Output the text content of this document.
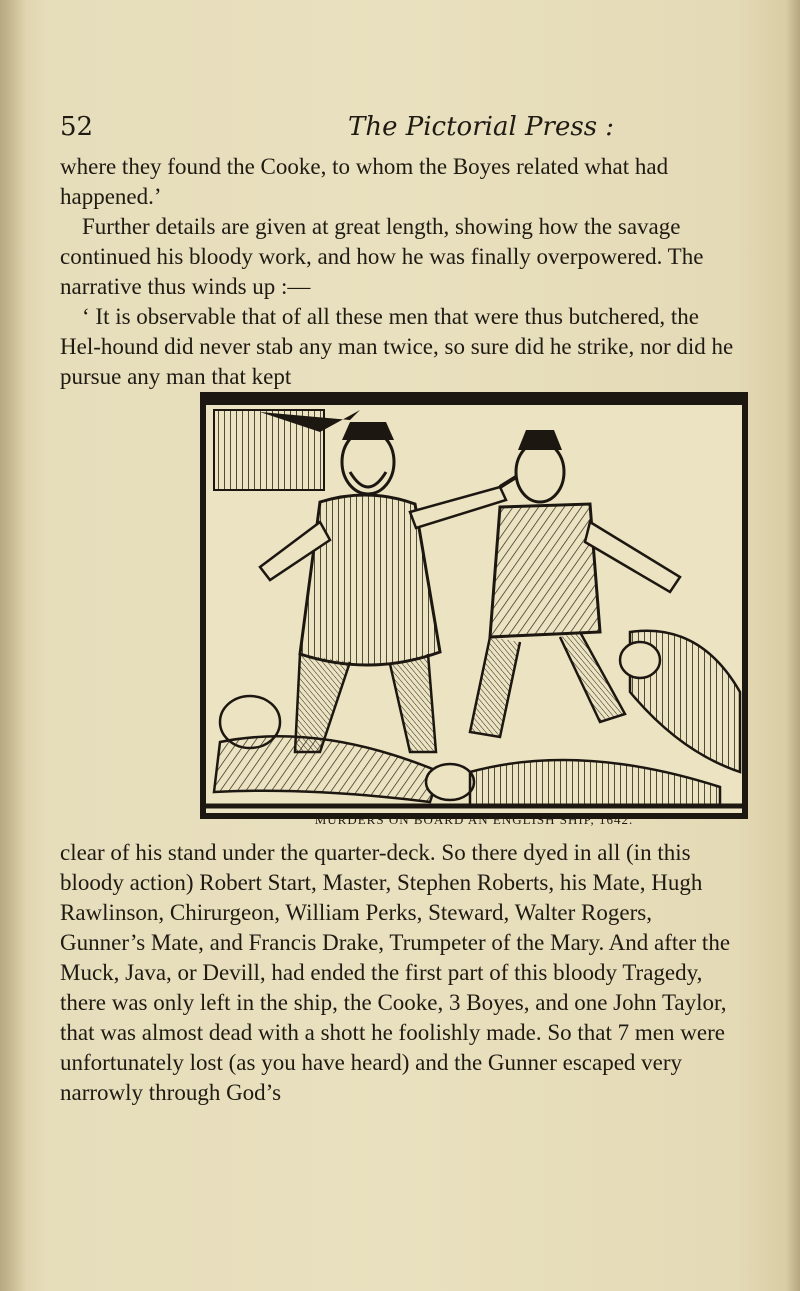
52	The Pictorial Press :

where they found the Cooke, to whom the Boyes related what had happened.’

Further details are given at great length, showing how the savage continued his bloody work, and how he was finally overpowered. The narrative thus winds up :—

‘ It is observable that of all these men that were thus butchered, the Hel-hound did never stab any man twice, so sure did he strike, nor did he pursue any man that kept

MURDERS ON BOARD AN ENGLISH SHIP, 1642.

clear of his stand under the quarter-deck. So there dyed in all (in this bloody action) Robert Start, Master, Stephen Roberts, his Mate, Hugh Rawlinson, Chirurgeon, William Perks, Steward, Walter Rogers, Gunner’s Mate, and Francis Drake, Trumpeter of the Mary. And after the Muck, Java, or Devill, had ended the first part of this bloody Tragedy, there was only left in the ship, the Cooke, 3 Boyes, and one John Taylor, that was almost dead with a shott he foolishly made. So that 7 men were unfortunately lost (as you have heard) and the Gunner escaped very narrowly through God’s
